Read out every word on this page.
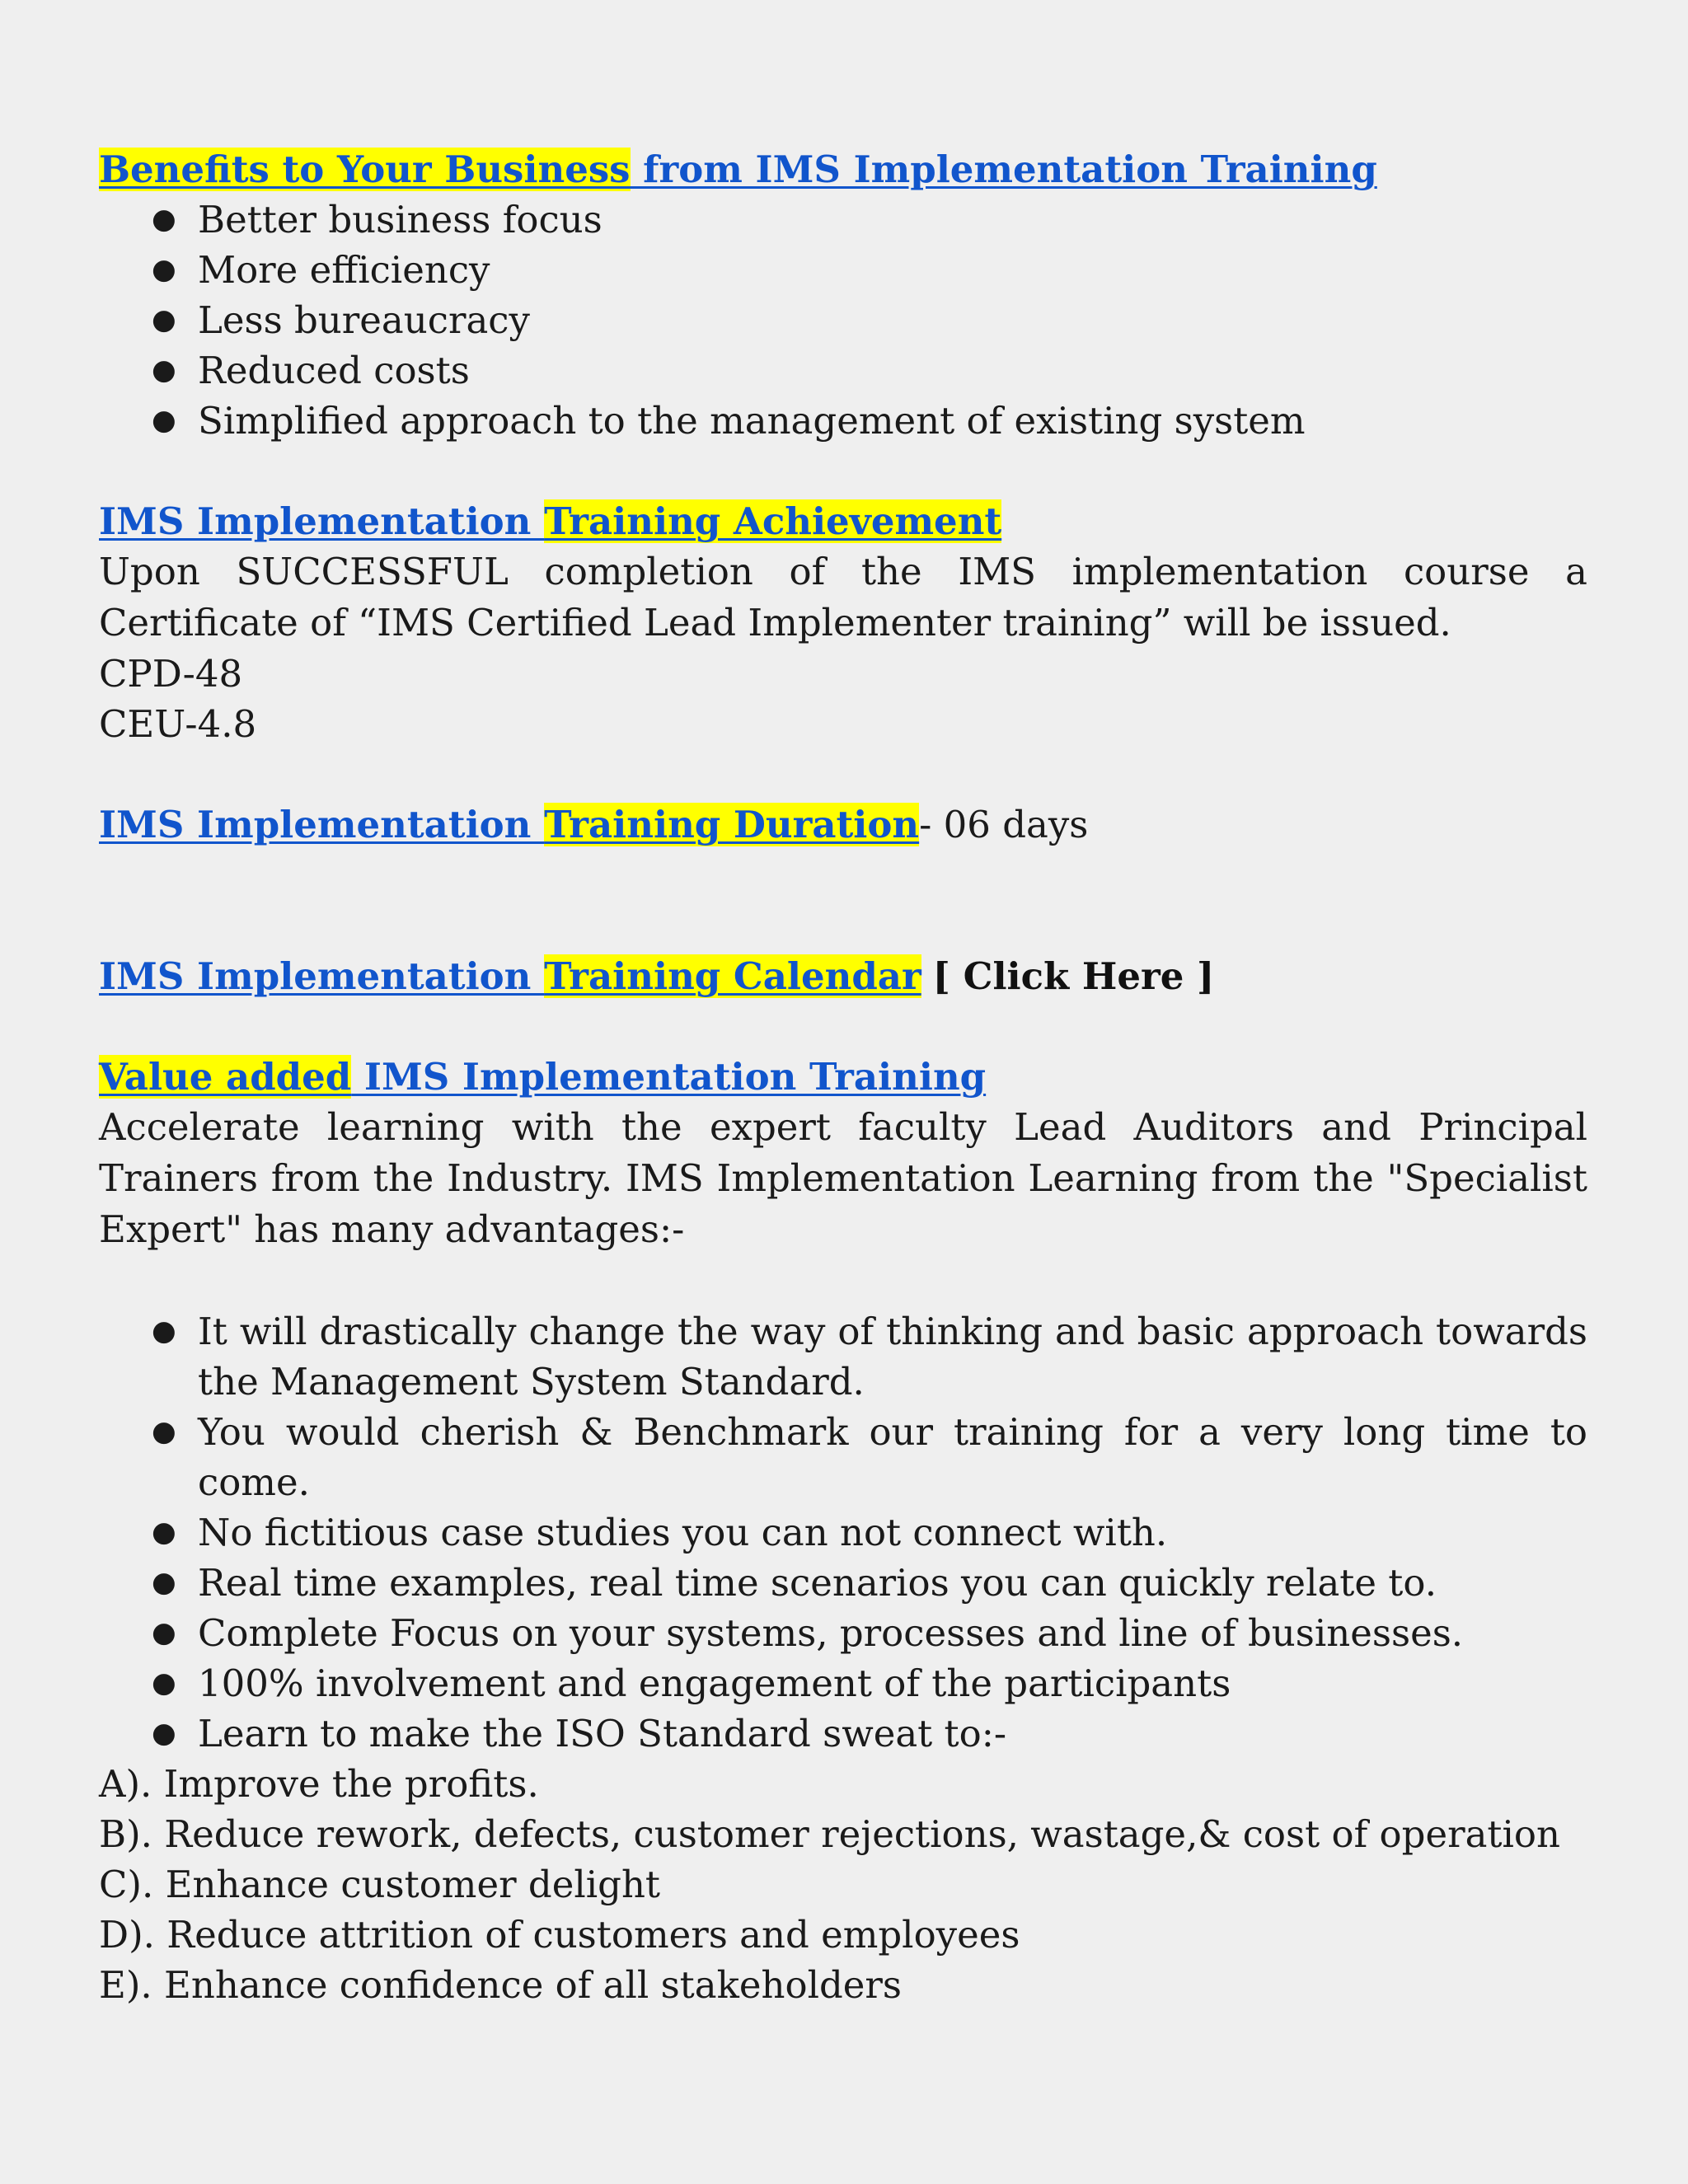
Benefits to Your Business from IMS Implementation Training
● Better business focus
● More efficiency
● Less bureaucracy
● Reduced costs
● Simplified approach to the management of existing system
IMS Implementation Training Achievement
Upon SUCCESSFUL completion of the IMS implementation course a Certificate of “IMS Certified Lead Implementer training” will be issued.
CPD-48
CEU-4.8
IMS Implementation Training Duration- 06 days
IMS Implementation Training Calendar [ Click Here ]
Value added IMS Implementation Training
Accelerate learning with the expert faculty Lead Auditors and Principal Trainers from the Industry. IMS Implementation Learning from the "Specialist Expert" has many advantages:-
● It will drastically change the way of thinking and basic approach towards the Management System Standard.
● You would cherish & Benchmark our training for a very long time to come.
● No fictitious case studies you can not connect with.
● Real time examples, real time scenarios you can quickly relate to.
● Complete Focus on your systems, processes and line of businesses.
● 100% involvement and engagement of the participants
● Learn to make the ISO Standard sweat to:-
A). Improve the profits.
B). Reduce rework, defects, customer rejections, wastage,& cost of operation
C). Enhance customer delight
D). Reduce attrition of customers and employees
E). Enhance confidence of all stakeholders
